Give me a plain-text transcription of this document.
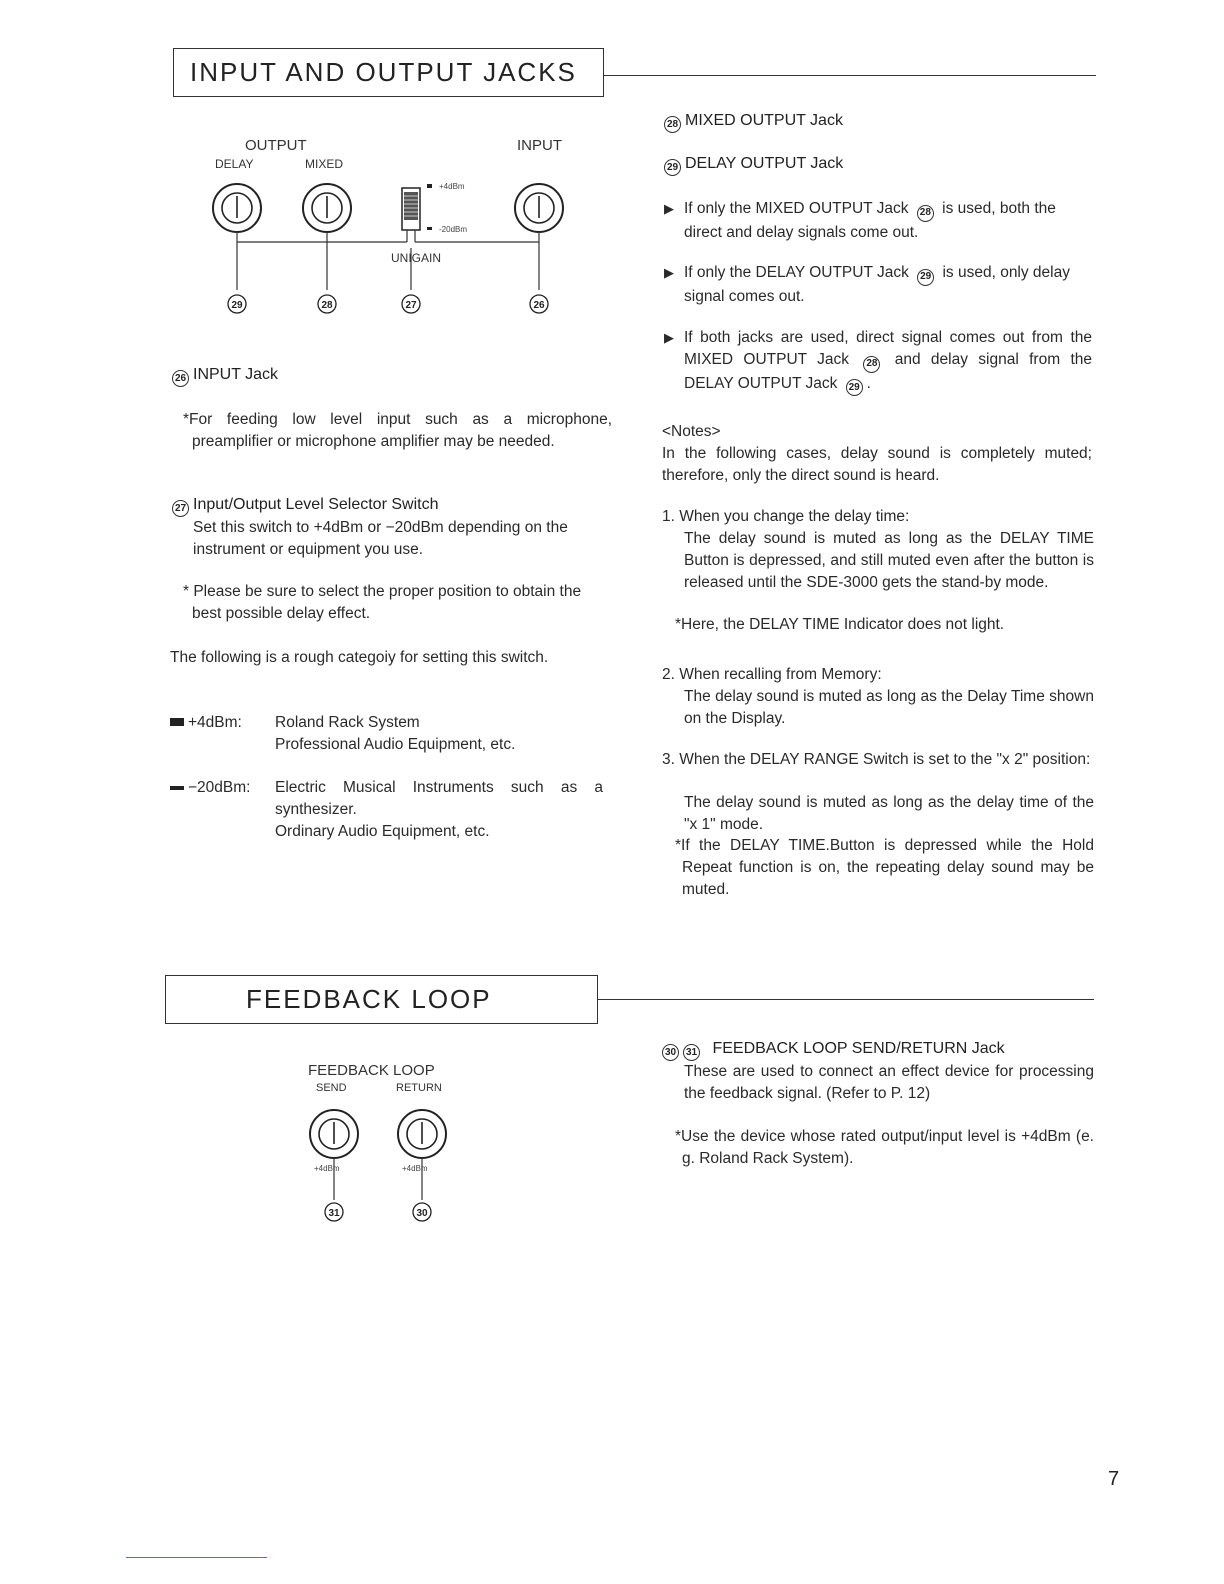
INPUT AND OUTPUT JACKS
OUTPUT	INPUT
DELAY	MIXED
+4dBm
-20dBm
UNIGAIN
29	28	27	26
26 INPUT Jack
*For feeding low level input such as a microphone, preamplifier or microphone amplifier may be needed.
27 Input/Output Level Selector Switch
Set this switch to +4dBm or −20dBm depending on the instrument or equipment you use.
* Please be sure to select the proper position to obtain the best possible delay effect.
The following is a rough categoiy for setting this switch.
+4dBm:	Roland Rack System
Professional Audio Equipment, etc.
−20dBm: Electric Musical Instruments such as a synthesizer.
Ordinary Audio Equipment, etc.
28 MIXED OUTPUT Jack
29 DELAY OUTPUT Jack
▶ If only the MIXED OUTPUT Jack 28 is used, both the direct and delay signals come out.
▶ If only the DELAY OUTPUT Jack 29 is used, only delay signal comes out.
▶ If both jacks are used, direct signal comes out from the MIXED OUTPUT Jack 28 and delay signal from the DELAY OUTPUT Jack 29 .
<Notes>
In the following cases, delay sound is completely muted; therefore, only the direct sound is heard.
1. When you change the delay time:
The delay sound is muted as long as the DELAY TIME Button is depressed, and still muted even after the button is released until the SDE-3000 gets the stand-by mode.
*Here, the DELAY TIME Indicator does not light.
2. When recalling from Memory:
The delay sound is muted as long as the Delay Time shown on the Display.
3. When the DELAY RANGE Switch is set to the "x 2" position:
The delay sound is muted as long as the delay time of the "x 1" mode.
*If the DELAY TIME.Button is depressed while the Hold Repeat function is on, the repeating delay sound may be muted.
FEEDBACK LOOP
FEEDBACK LOOP
SEND	RETURN
+4dBm	+4dBm
31	30
30 31 FEEDBACK LOOP SEND/RETURN Jack
These are used to connect an effect device for processing the feedback signal. (Refer to P. 12)
*Use the device whose rated output/input level is +4dBm (e. g. Roland Rack System).
7
